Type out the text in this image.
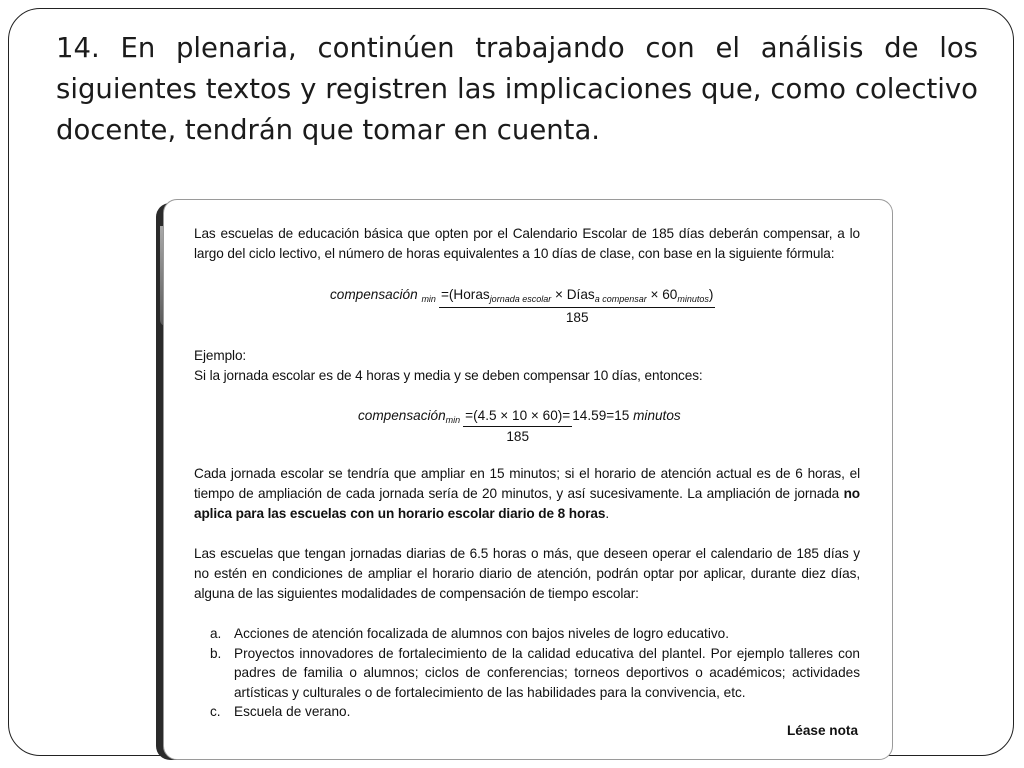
14. En plenaria, continúen trabajando con el análisis de los siguientes textos y registren las implicaciones que, como colectivo docente, tendrán que tomar en cuenta.

Las escuelas de educación básica que opten por el Calendario Escolar de 185 días deberán compensar, a lo largo del ciclo lectivo, el número de horas equivalentes a 10 días de clase, con base en la siguiente fórmula:

compensación $_{min} \frac{=(Horas_{jornada escolar} \times Días_{a compensar} \times 60_{minutos})}{185}$

Ejemplo:
Si la jornada escolar es de 4 horas y media y se deben compensar 10 días, entonces:

compensación$_{min}$ $\frac{=(4.5 \times 10 \times 60)=}{185} 14.59=15$ minutos

Cada jornada escolar se tendría que ampliar en 15 minutos; si el horario de atención actual es de 6 horas, el tiempo de ampliación de cada jornada sería de 20 minutos, y así sucesivamente. La ampliación de jornada no aplica para las escuelas con un horario escolar diario de 8 horas.

Las escuelas que tengan jornadas diarias de 6.5 horas o más, que deseen operar el calendario de 185 días y no estén en condiciones de ampliar el horario diario de atención, podrán optar por aplicar, durante diez días, alguna de las siguientes modalidades de compensación de tiempo escolar:

a. Acciones de atención focalizada de alumnos con bajos niveles de logro educativo.
b. Proyectos innovadores de fortalecimiento de la calidad educativa del plantel. Por ejemplo talleres con padres de familia o alumnos; ciclos de conferencias; torneos deportivos o académicos; actividades artísticas y culturales o de fortalecimiento de las habilidades para la convivencia, etc.
c. Escuela de verano.
Léase nota
